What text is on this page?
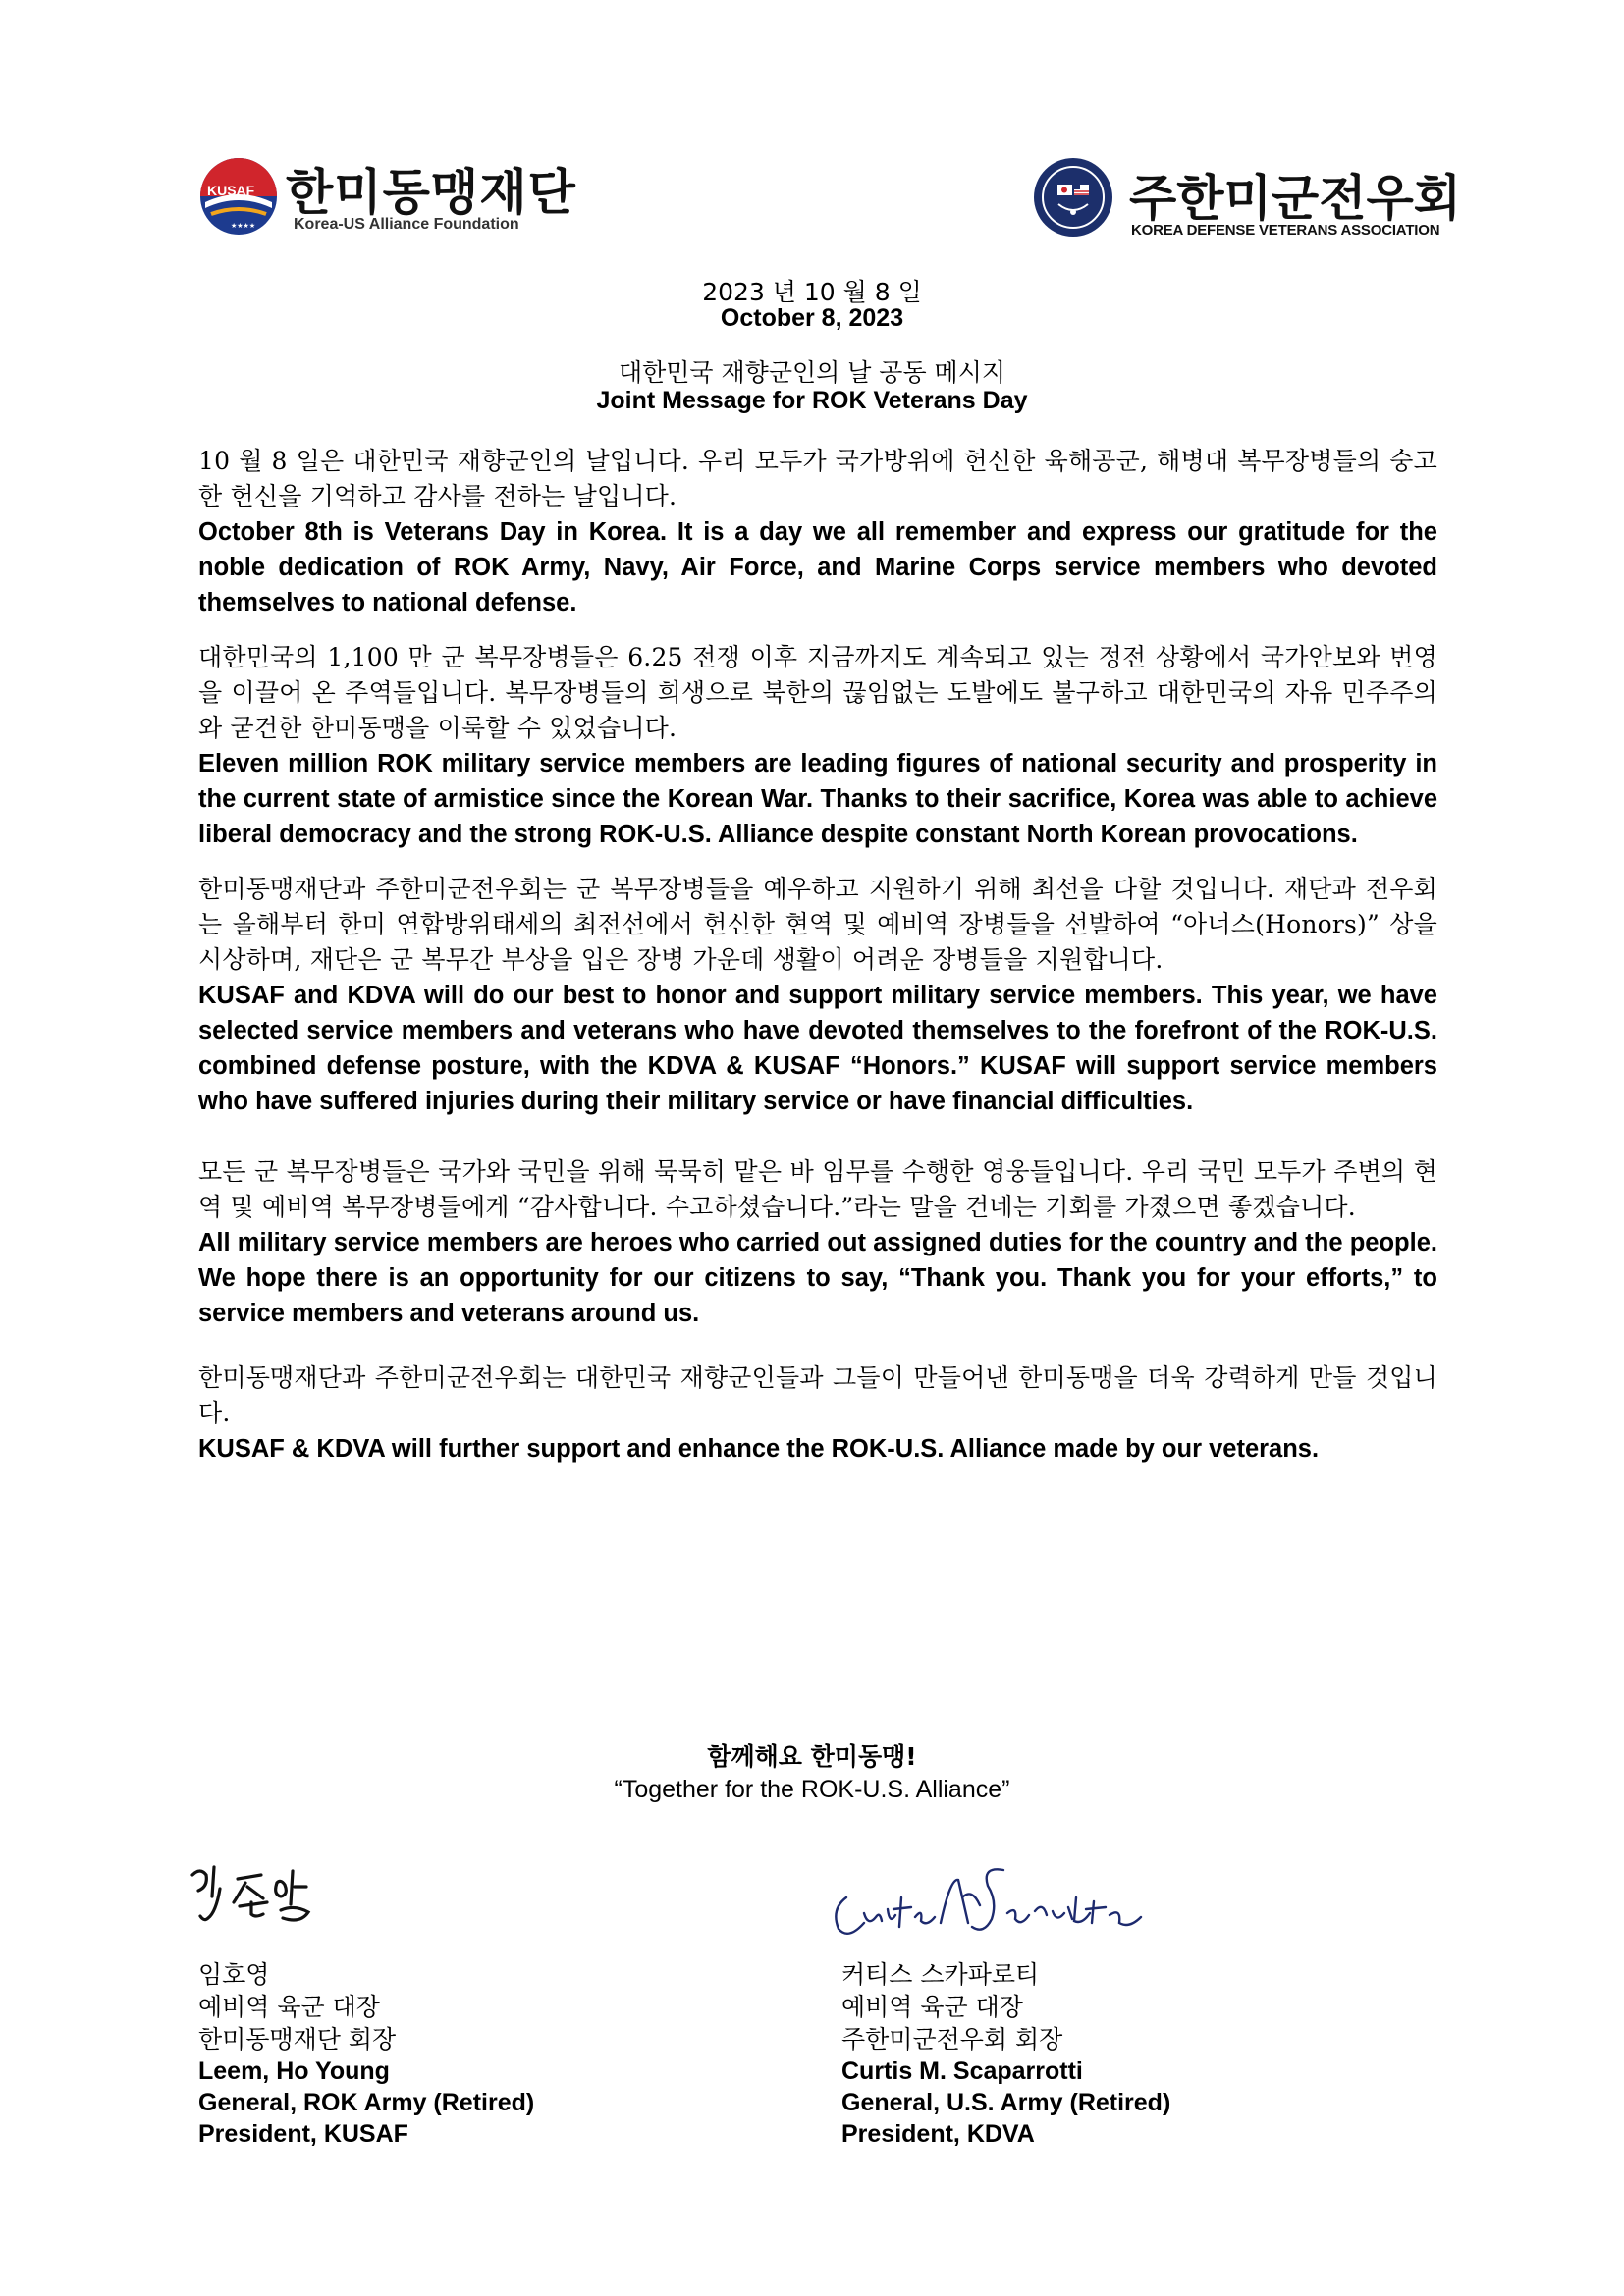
KUSAF
★★★★
한미동맹재단
Korea-US Alliance Foundation	주한미군전우회
KOREA DEFENSE VETERANS ASSOCIATION
2023 년 10 월 8 일
October 8, 2023
대한민국 재향군인의 날 공동 메시지
Joint Message for ROK Veterans Day

10 월 8 일은 대한민국 재향군인의 날입니다. 우리 모두가 국가방위에 헌신한 육해공군, 해병대 복무장병들의 숭고한 헌신을 기억하고 감사를 전하는 날입니다.

October 8th is Veterans Day in Korea. It is a day we all remember and express our gratitude for the noble dedication of ROK Army, Navy, Air Force, and Marine Corps service members who devoted themselves to national defense.

대한민국의 1,100 만 군 복무장병들은 6.25 전쟁 이후 지금까지도 계속되고 있는 정전 상황에서 국가안보와 번영을 이끌어 온 주역들입니다. 복무장병들의 희생으로 북한의 끊임없는 도발에도 불구하고 대한민국의 자유 민주주의와 굳건한 한미동맹을 이룩할 수 있었습니다.

Eleven million ROK military service members are leading figures of national security and prosperity in the current state of armistice since the Korean War. Thanks to their sacrifice, Korea was able to achieve liberal democracy and the strong ROK-U.S. Alliance despite constant North Korean provocations.

한미동맹재단과 주한미군전우회는 군 복무장병들을 예우하고 지원하기 위해 최선을 다할 것입니다. 재단과 전우회는 올해부터 한미 연합방위태세의 최전선에서 헌신한 현역 및 예비역 장병들을 선발하여 “아너스(Honors)” 상을 시상하며, 재단은 군 복무간 부상을 입은 장병 가운데 생활이 어려운 장병들을 지원합니다.

KUSAF and KDVA will do our best to honor and support military service members. This year, we have selected service members and veterans who have devoted themselves to the forefront of the ROK-U.S. combined defense posture, with the KDVA & KUSAF “Honors.” KUSAF will support service members who have suffered injuries during their military service or have financial difficulties.

모든 군 복무장병들은 국가와 국민을 위해 묵묵히 맡은 바 임무를 수행한 영웅들입니다. 우리 국민 모두가 주변의 현역 및 예비역 복무장병들에게 “감사합니다. 수고하셨습니다.”라는 말을 건네는 기회를 가졌으면 좋겠습니다.

All military service members are heroes who carried out assigned duties for the country and the people. We hope there is an opportunity for our citizens to say, “Thank you. Thank you for your efforts,” to service members and veterans around us.

한미동맹재단과 주한미군전우회는 대한민국 재향군인들과 그들이 만들어낸 한미동맹을 더욱 강력하게 만들 것입니다.

KUSAF & KDVA will further support and enhance the ROK-U.S. Alliance made by our veterans.

함께해요 한미동맹!
“Together for the ROK-U.S. Alliance”
임호영
예비역 육군 대장
한미동맹재단 회장
Leem, Ho Young
General, ROK Army (Retired)
President, KUSAF
커티스 스카파로티
예비역 육군 대장
주한미군전우회 회장
Curtis M. Scaparrotti
General, U.S. Army (Retired)
President, KDVA
